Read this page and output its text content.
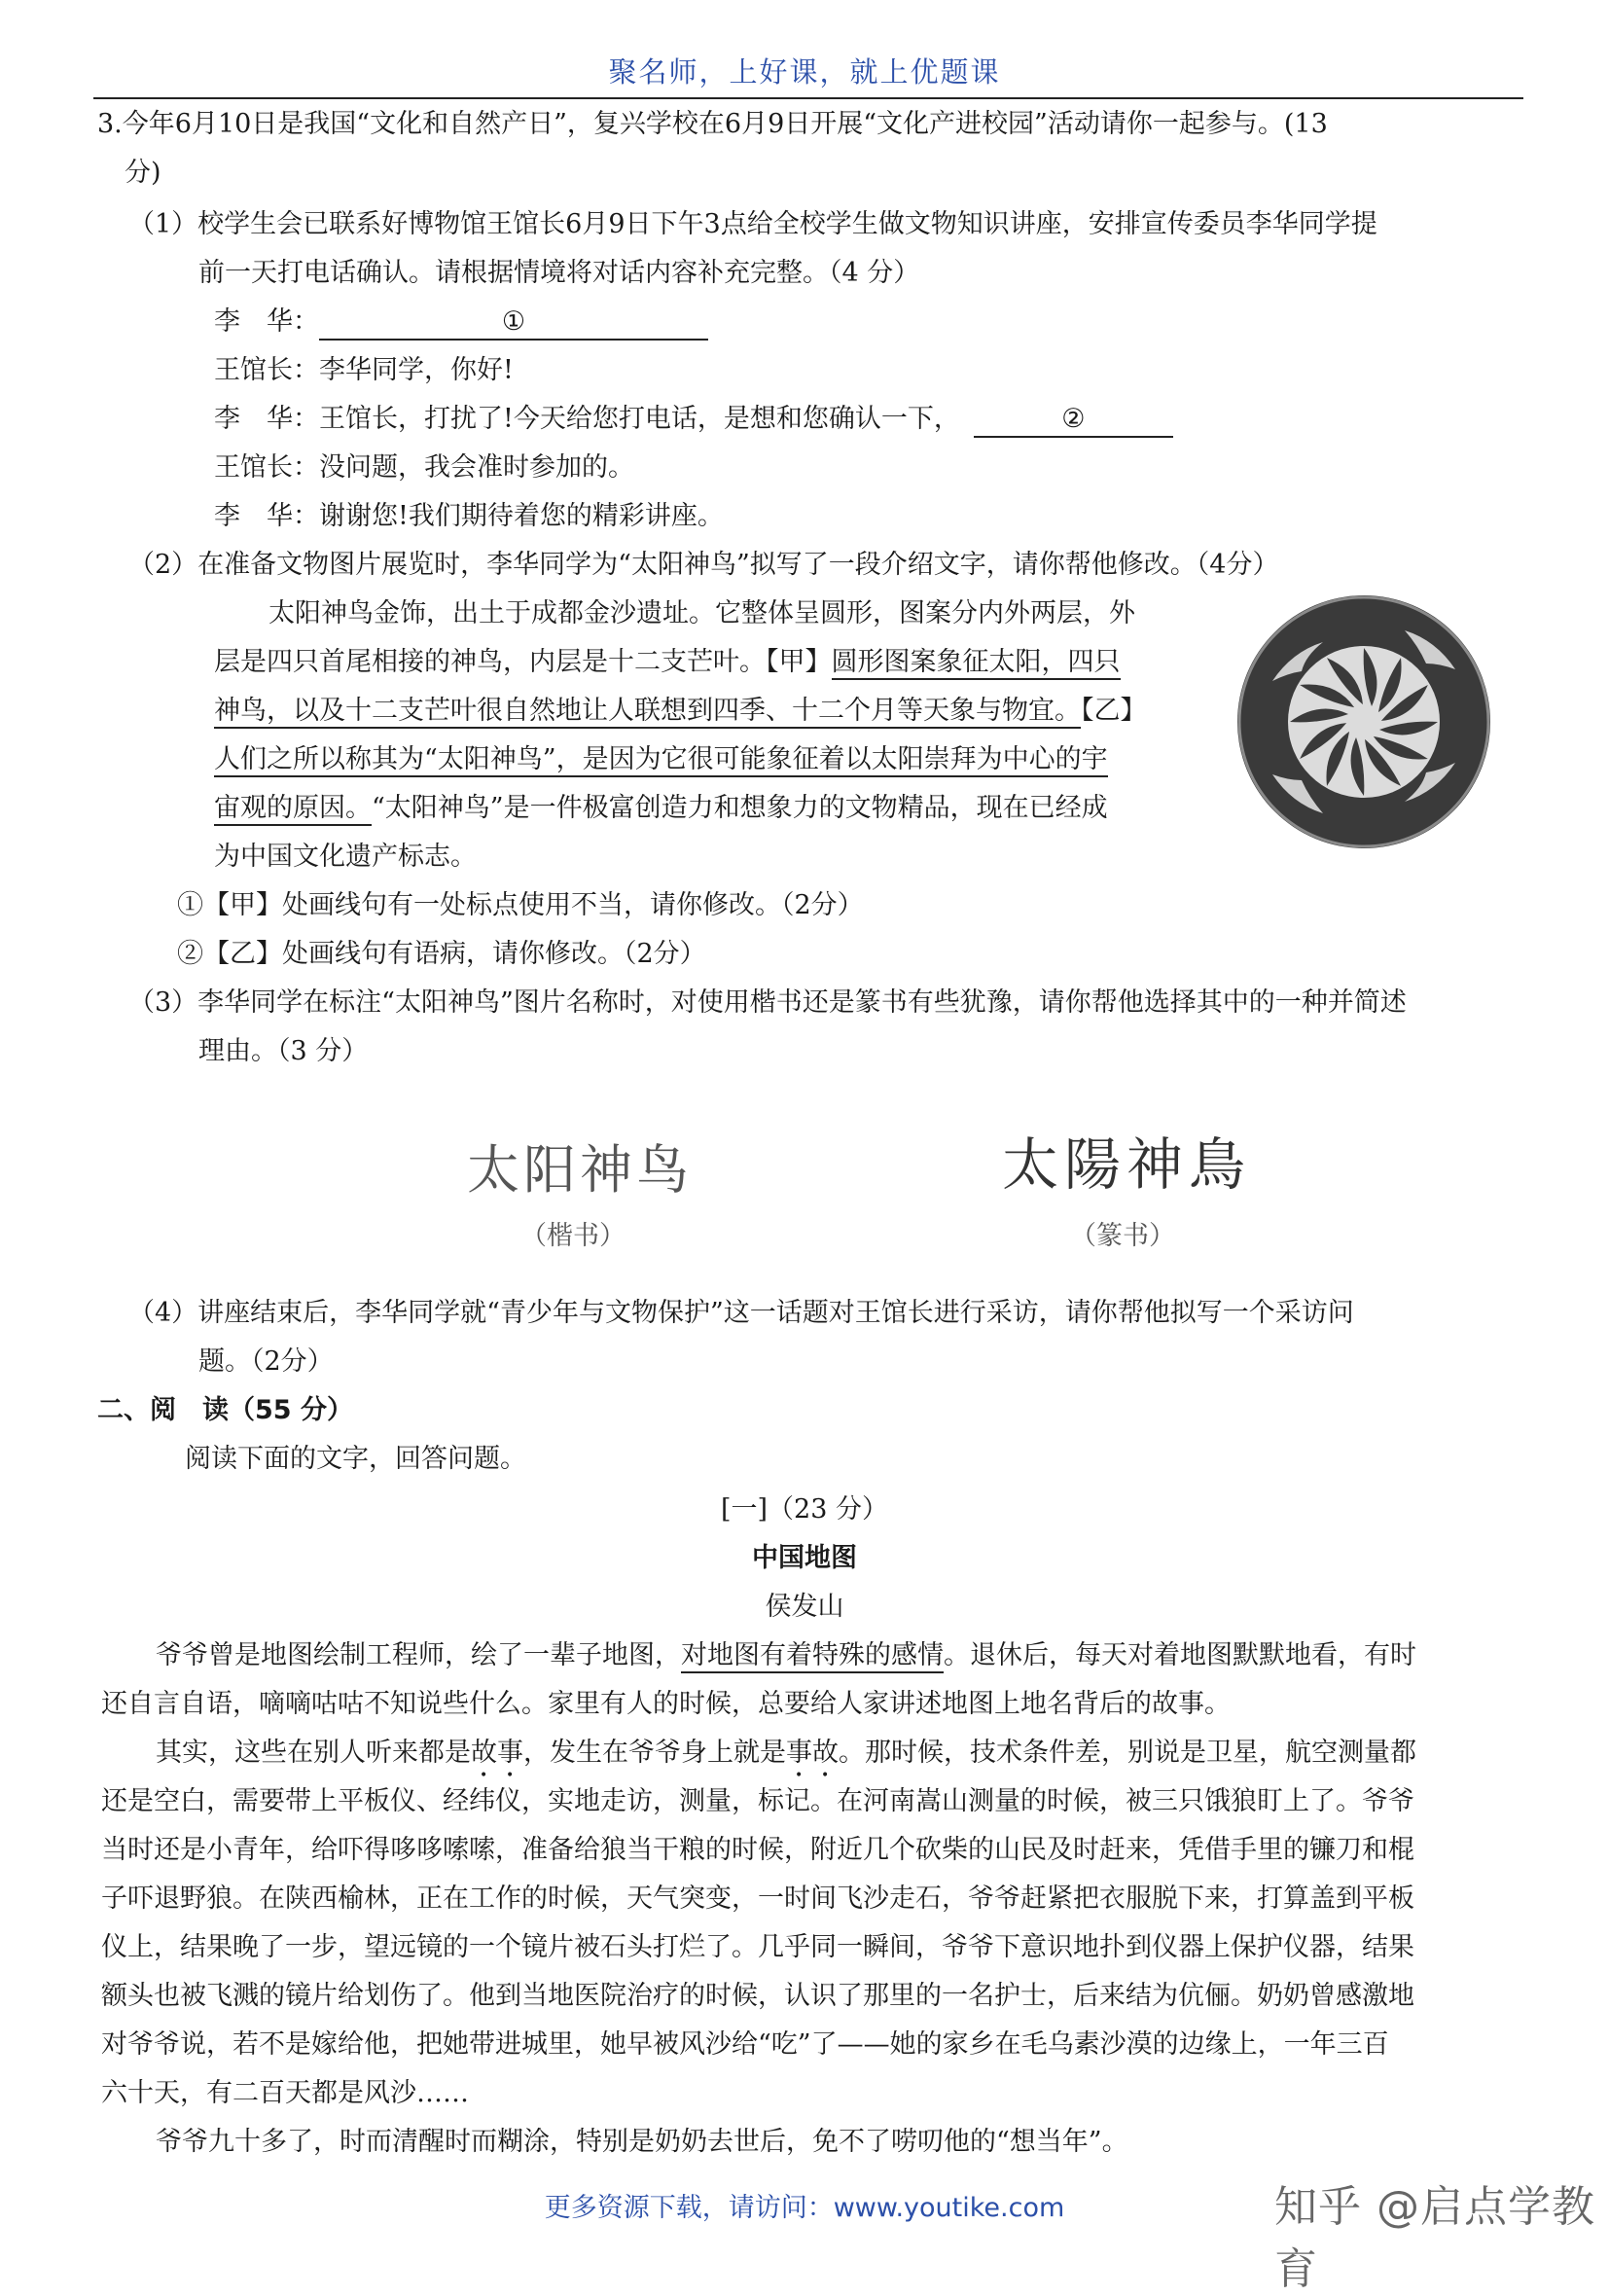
聚名师，上好课，就上优题课
3.今年6月10日是我国“文化和自然产日”，复兴学校在6月9日开展“文化产进校园”活动请你一起参与。(13
分)
（1）校学生会已联系好博物馆王馆长6月9日下午3点给全校学生做文物知识讲座，安排宣传委员李华同学提
前一天打电话确认。请根据情境将对话内容补充完整。（4 分）
李　华：	①
王馆长：李华同学，你好!
李　华：王馆长，打扰了!今天给您打电话，是想和您确认一下，	②
王馆长：没问题，我会准时参加的。
李　华：谢谢您!我们期待着您的精彩讲座。
（2）在准备文物图片展览时，李华同学为“太阳神鸟”拟写了一段介绍文字，请你帮他修改。（4分）
太阳神鸟金饰，出土于成都金沙遗址。它整体呈圆形，图案分内外两层，外
层是四只首尾相接的神鸟，内层是十二支芒叶。【甲】圆形图案象征太阳，四只
神鸟，以及十二支芒叶很自然地让人联想到四季、十二个月等天象与物宜。【乙】
人们之所以称其为“太阳神鸟”，是因为它很可能象征着以太阳崇拜为中心的宇
宙观的原因。“太阳神鸟”是一件极富创造力和想象力的文物精品，现在已经成
为中国文化遗产标志。
①【甲】处画线句有一处标点使用不当，请你修改。（2分）
②【乙】处画线句有语病，请你修改。（2分）
（3）李华同学在标注“太阳神鸟”图片名称时，对使用楷书还是篆书有些犹豫，请你帮他选择其中的一种并简述
理由。（3 分）
太阳神鸟
（楷书）
太陽神鳥
（篆书）
（4）讲座结束后，李华同学就“青少年与文物保护”这一话题对王馆长进行采访，请你帮他拟写一个采访问
题。（2分）
二、阅　读（55 分）
阅读下面的文字，回答问题。
[一]（23 分）
中国地图
侯发山
爷爷曾是地图绘制工程师，绘了一辈子地图，对地图有着特殊的感情。退休后，每天对着地图默默地看，有时
还自言自语，嘀嘀咕咕不知说些什么。家里有人的时候，总要给人家讲述地图上地名背后的故事。
其实，这些在别人听来都是故事，发生在爷爷身上就是事故。那时候，技术条件差，别说是卫星，航空测量都
还是空白，需要带上平板仪、经纬仪，实地走访，测量，标记。在河南嵩山测量的时候，被三只饿狼盯上了。爷爷
当时还是小青年，给吓得哆哆嗦嗦，准备给狼当干粮的时候，附近几个砍柴的山民及时赶来，凭借手里的镰刀和棍
子吓退野狼。在陕西榆林，正在工作的时候，天气突变，一时间飞沙走石，爷爷赶紧把衣服脱下来，打算盖到平板
仪上，结果晚了一步，望远镜的一个镜片被石头打烂了。几乎同一瞬间，爷爷下意识地扑到仪器上保护仪器，结果
额头也被飞溅的镜片给划伤了。他到当地医院治疗的时候，认识了那里的一名护士，后来结为伉俪。奶奶曾感激地
对爷爷说，若不是嫁给他，把她带进城里，她早被风沙给“吃”了——她的家乡在毛乌素沙漠的边缘上，一年三百
六十天，有二百天都是风沙……
爷爷九十多了，时而清醒时而糊涂，特别是奶奶去世后，免不了唠叨他的“想当年”。
更多资源下载，请访问：www.youtike.com	知乎 @启点学教育
